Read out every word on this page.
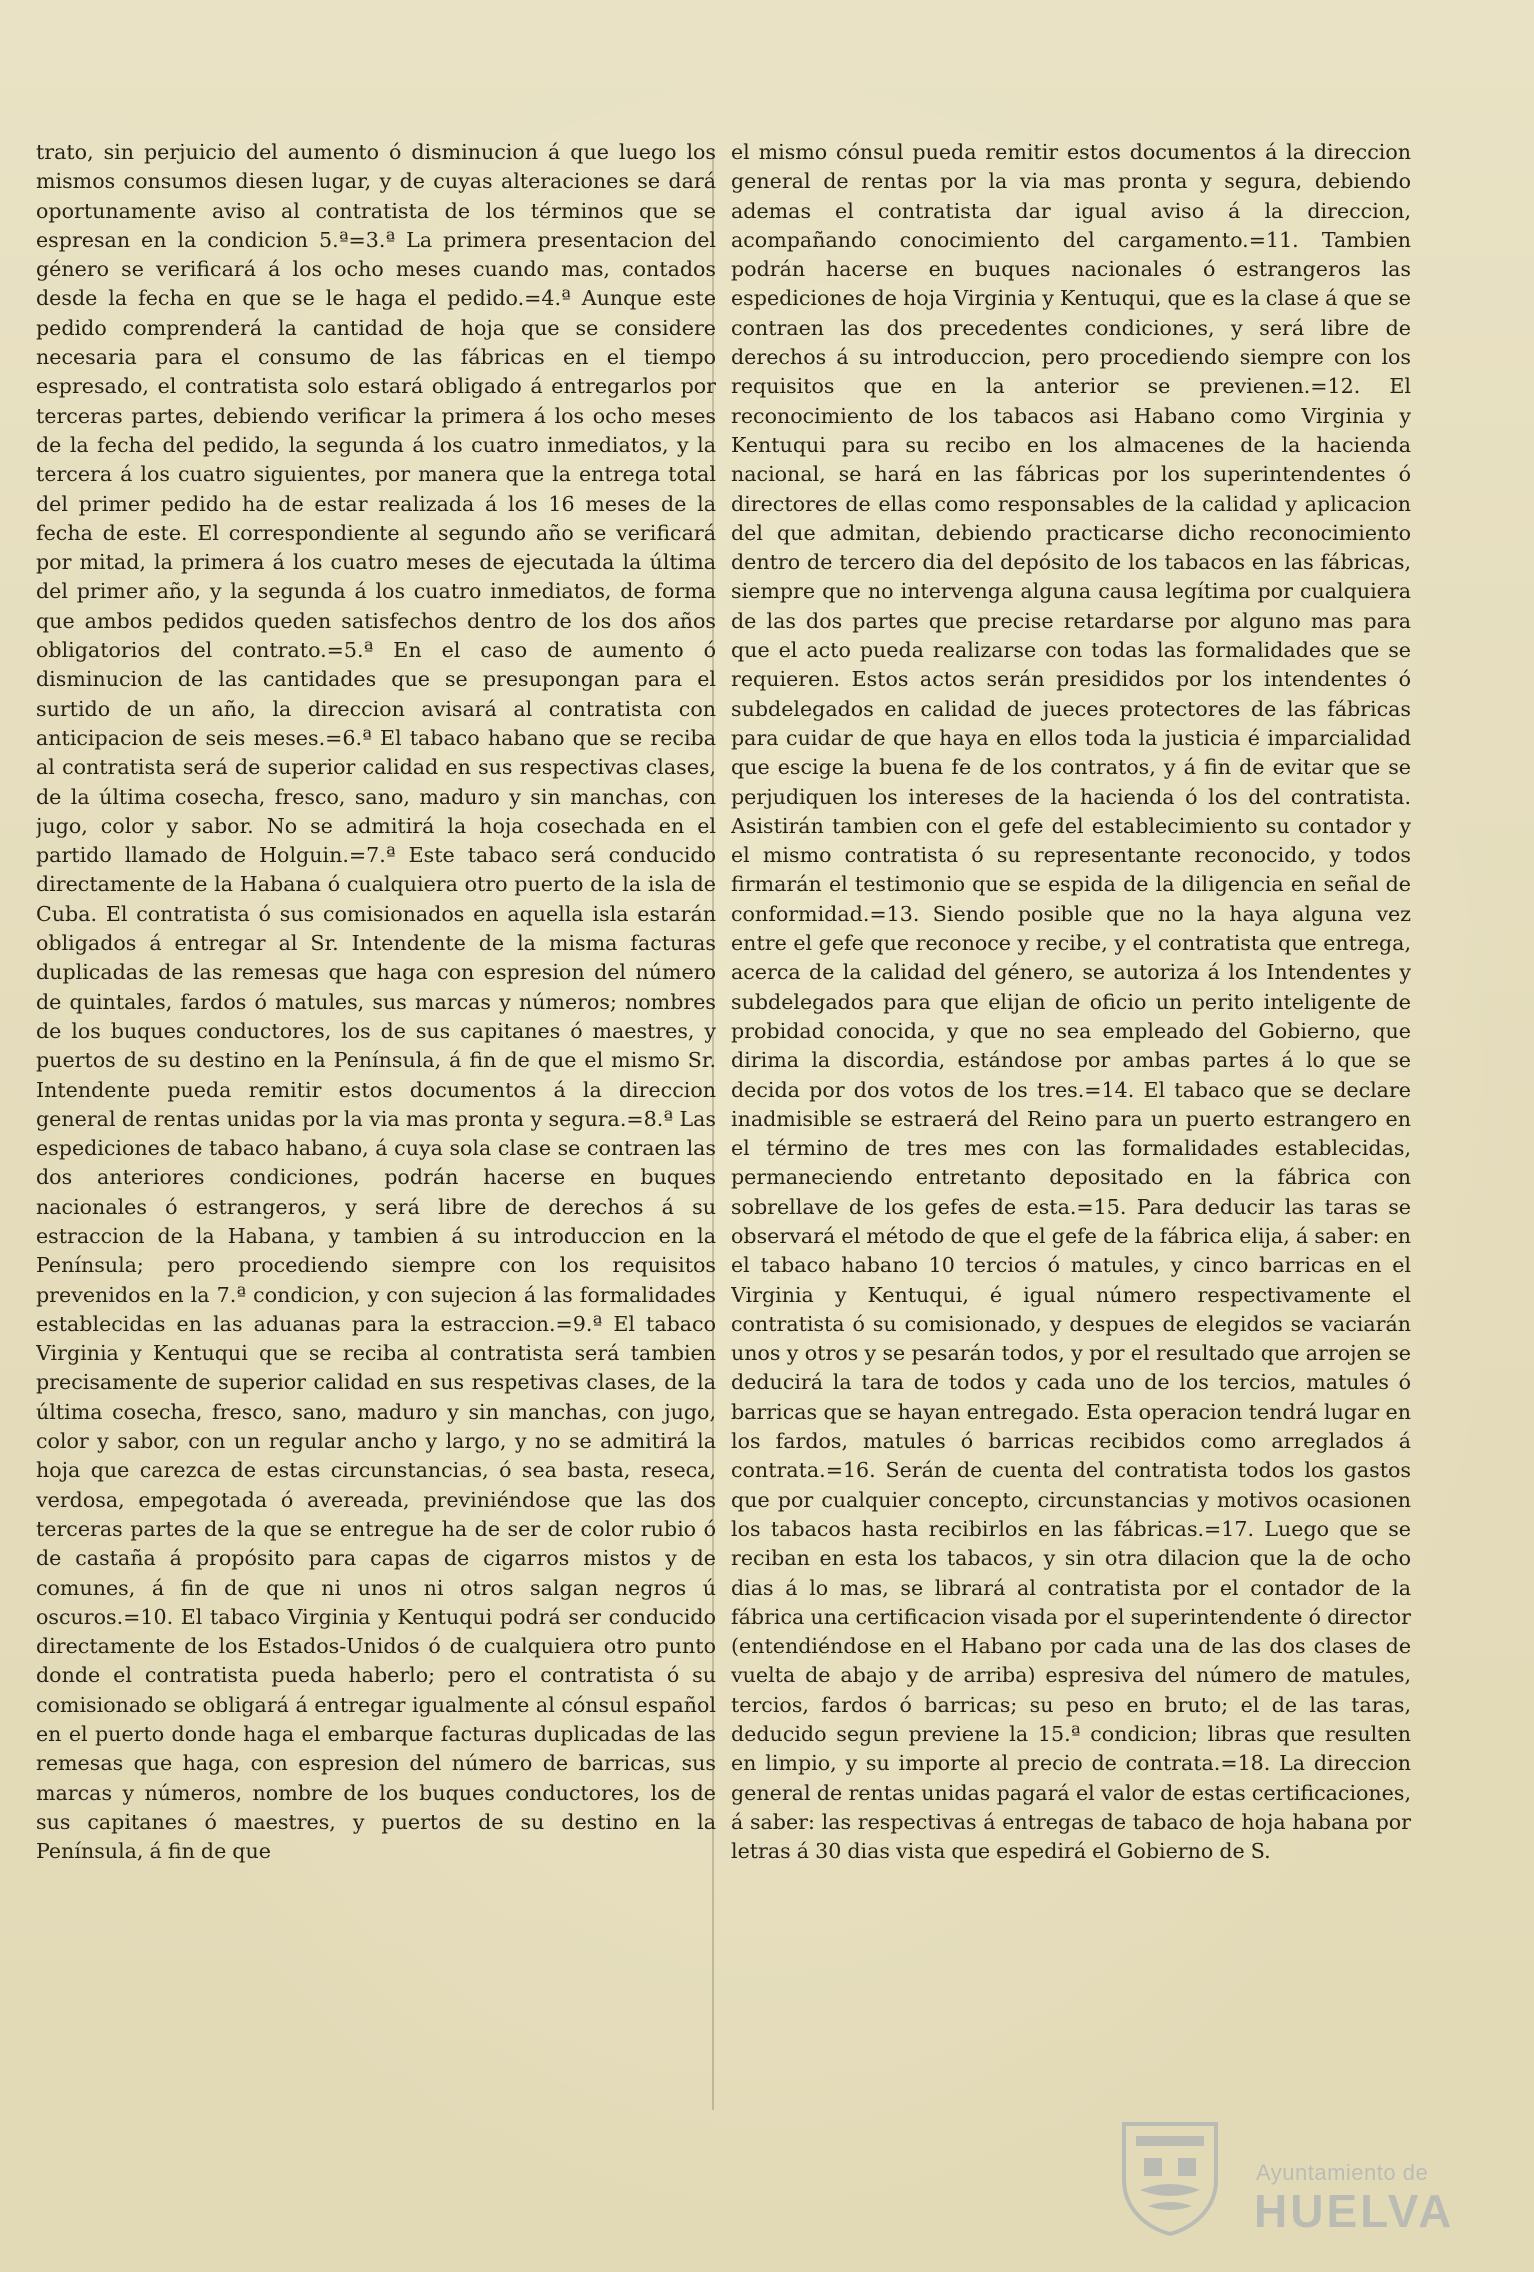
trato, sin perjuicio del aumento ó disminucion á que luego los mismos consumos diesen lugar, y de cuyas alteraciones se dará oportunamente aviso al contratista de los términos que se espresan en la condicion 5.ª=3.ª La primera presentacion del género se verificará á los ocho meses cuando mas, contados desde la fecha en que se le haga el pedido.=4.ª Aunque este pedido comprenderá la cantidad de hoja que se considere necesaria para el consumo de las fábricas en el tiempo espresado, el contratista solo estará obligado á entregarlos por terceras partes, debiendo verificar la primera á los ocho meses de la fecha del pedido, la segunda á los cuatro inmediatos, y la tercera á los cuatro siguientes, por manera que la entrega total del primer pedido ha de estar realizada á los 16 meses de la fecha de este. El correspondiente al segundo año se verificará por mitad, la primera á los cuatro meses de ejecutada la última del primer año, y la segunda á los cuatro inmediatos, de forma que ambos pedidos queden satisfechos dentro de los dos años obligatorios del contrato.=5.ª En el caso de aumento ó disminucion de las cantidades que se presupongan para el surtido de un año, la direccion avisará al contratista con anticipacion de seis meses.=6.ª El tabaco habano que se reciba al contratista será de superior calidad en sus respectivas clases, de la última cosecha, fresco, sano, maduro y sin manchas, con jugo, color y sabor. No se admitirá la hoja cosechada en el partido llamado de Holguin.=7.ª Este tabaco será conducido directamente de la Habana ó cualquiera otro puerto de la isla de Cuba. El contratista ó sus comisionados en aquella isla estarán obligados á entregar al Sr. Intendente de la misma facturas duplicadas de las remesas que haga con espresion del número de quintales, fardos ó matules, sus marcas y números; nombres de los buques conductores, los de sus capitanes ó maestres, y puertos de su destino en la Península, á fin de que el mismo Sr. Intendente pueda remitir estos documentos á la direccion general de rentas unidas por la via mas pronta y segura.=8.ª Las espediciones de tabaco habano, á cuya sola clase se contraen las dos anteriores condiciones, podrán hacerse en buques nacionales ó estrangeros, y será libre de derechos á su estraccion de la Habana, y tambien á su introduccion en la Península; pero procediendo siempre con los requisitos prevenidos en la 7.ª condicion, y con sujecion á las formalidades establecidas en las aduanas para la estraccion.=9.ª El tabaco Virginia y Kentuqui que se reciba al contratista será tambien precisamente de superior calidad en sus respetivas clases, de la última cosecha, fresco, sano, maduro y sin manchas, con jugo, color y sabor, con un regular ancho y largo, y no se admitirá la hoja que carezca de estas circunstancias, ó sea basta, reseca, verdosa, empegotada ó avereada, previniéndose que las dos terceras partes de la que se entregue ha de ser de color rubio ó de castaña á propósito para capas de cigarros mistos y de comunes, á fin de que ni unos ni otros salgan negros ú oscuros.=10. El tabaco Virginia y Kentuqui podrá ser conducido directamente de los Estados-Unidos ó de cualquiera otro punto donde el contratista pueda haberlo; pero el contratista ó su comisionado se obligará á entregar igualmente al cónsul español en el puerto donde haga el embarque facturas duplicadas de las remesas que haga, con espresion del número de barricas, sus marcas y números, nombre de los buques conductores, los de sus capitanes ó maestres, y puertos de su destino en la Península, á fin de que
el mismo cónsul pueda remitir estos documentos á la direccion general de rentas por la via mas pronta y segura, debiendo ademas el contratista dar igual aviso á la direccion, acompañando conocimiento del cargamento.=11. Tambien podrán hacerse en buques nacionales ó estrangeros las espediciones de hoja Virginia y Kentuqui, que es la clase á que se contraen las dos precedentes condiciones, y será libre de derechos á su introduccion, pero procediendo siempre con los requisitos que en la anterior se previenen.=12. El reconocimiento de los tabacos asi Habano como Virginia y Kentuqui para su recibo en los almacenes de la hacienda nacional, se hará en las fábricas por los superintendentes ó directores de ellas como responsables de la calidad y aplicacion del que admitan, debiendo practicarse dicho reconocimiento dentro de tercero dia del depósito de los tabacos en las fábricas, siempre que no intervenga alguna causa legítima por cualquiera de las dos partes que precise retardarse por alguno mas para que el acto pueda realizarse con todas las formalidades que se requieren. Estos actos serán presididos por los intendentes ó subdelegados en calidad de jueces protectores de las fábricas para cuidar de que haya en ellos toda la justicia é imparcialidad que escige la buena fe de los contratos, y á fin de evitar que se perjudiquen los intereses de la hacienda ó los del contratista. Asistirán tambien con el gefe del establecimiento su contador y el mismo contratista ó su representante reconocido, y todos firmarán el testimonio que se espida de la diligencia en señal de conformidad.=13. Siendo posible que no la haya alguna vez entre el gefe que reconoce y recibe, y el contratista que entrega, acerca de la calidad del género, se autoriza á los Intendentes y subdelegados para que elijan de oficio un perito inteligente de probidad conocida, y que no sea empleado del Gobierno, que dirima la discordia, estándose por ambas partes á lo que se decida por dos votos de los tres.=14. El tabaco que se declare inadmisible se estraerá del Reino para un puerto estrangero en el término de tres mes con las formalidades establecidas, permaneciendo entretanto depositado en la fábrica con sobrellave de los gefes de esta.=15. Para deducir las taras se observará el método de que el gefe de la fábrica elija, á saber: en el tabaco habano 10 tercios ó matules, y cinco barricas en el Virginia y Kentuqui, é igual número respectivamente el contratista ó su comisionado, y despues de elegidos se vaciarán unos y otros y se pesarán todos, y por el resultado que arrojen se deducirá la tara de todos y cada uno de los tercios, matules ó barricas que se hayan entregado. Esta operacion tendrá lugar en los fardos, matules ó barricas recibidos como arreglados á contrata.=16. Serán de cuenta del contratista todos los gastos que por cualquier concepto, circunstancias y motivos ocasionen los tabacos hasta recibirlos en las fábricas.=17. Luego que se reciban en esta los tabacos, y sin otra dilacion que la de ocho dias á lo mas, se librará al contratista por el contador de la fábrica una certificacion visada por el superintendente ó director (entendiéndose en el Habano por cada una de las dos clases de vuelta de abajo y de arriba) espresiva del número de matules, tercios, fardos ó barricas; su peso en bruto; el de las taras, deducido segun previene la 15.ª condicion; libras que resulten en limpio, y su importe al precio de contrata.=18. La direccion general de rentas unidas pagará el valor de estas certificaciones, á saber: las respectivas á entregas de tabaco de hoja habana por letras á 30 dias vista que espedirá el Gobierno de S.
Ayuntamiento de
HUELVA
